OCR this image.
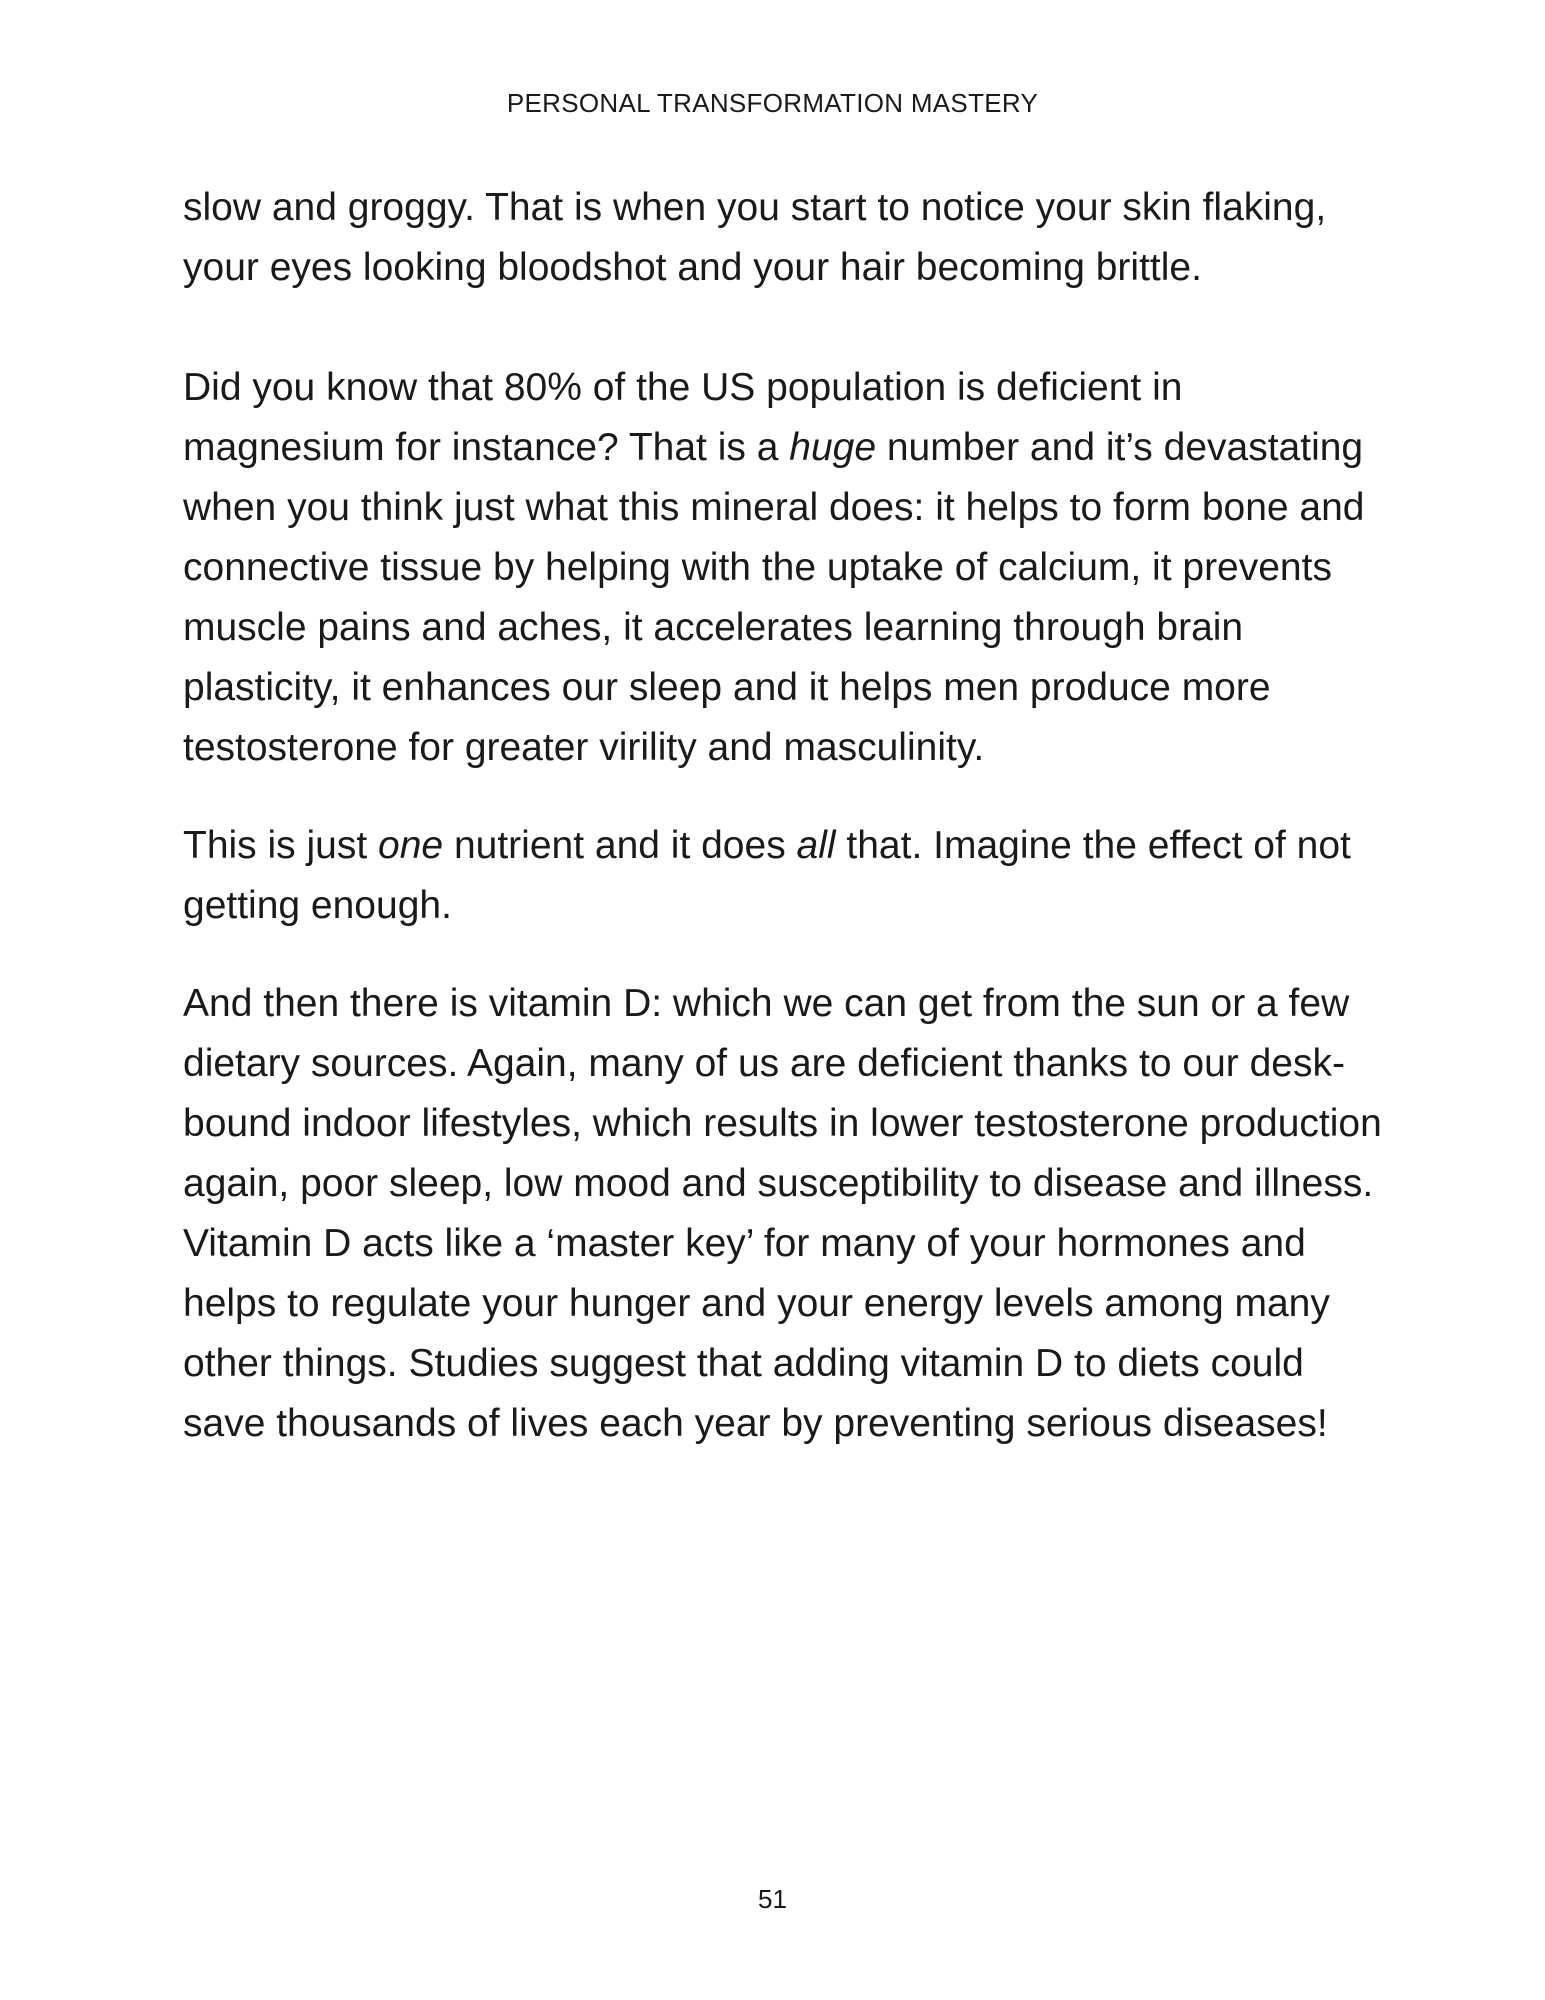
PERSONAL TRANSFORMATION MASTERY

slow and groggy. That is when you start to notice your skin flaking, your eyes looking bloodshot and your hair becoming brittle.

Did you know that 80% of the US population is deficient in magnesium for instance? That is a huge number and it’s devastating when you think just what this mineral does: it helps to form bone and connective tissue by helping with the uptake of calcium, it prevents muscle pains and aches, it accelerates learning through brain plasticity, it enhances our sleep and it helps men produce more testosterone for greater virility and masculinity.

This is just one nutrient and it does all that. Imagine the effect of not getting enough.

And then there is vitamin D: which we can get from the sun or a few dietary sources. Again, many of us are deficient thanks to our desk-bound indoor lifestyles, which results in lower testosterone production again, poor sleep, low mood and susceptibility to disease and illness. Vitamin D acts like a ‘master key’ for many of your hormones and helps to regulate your hunger and your energy levels among many other things. Studies suggest that adding vitamin D to diets could save thousands of lives each year by preventing serious diseases!

51
